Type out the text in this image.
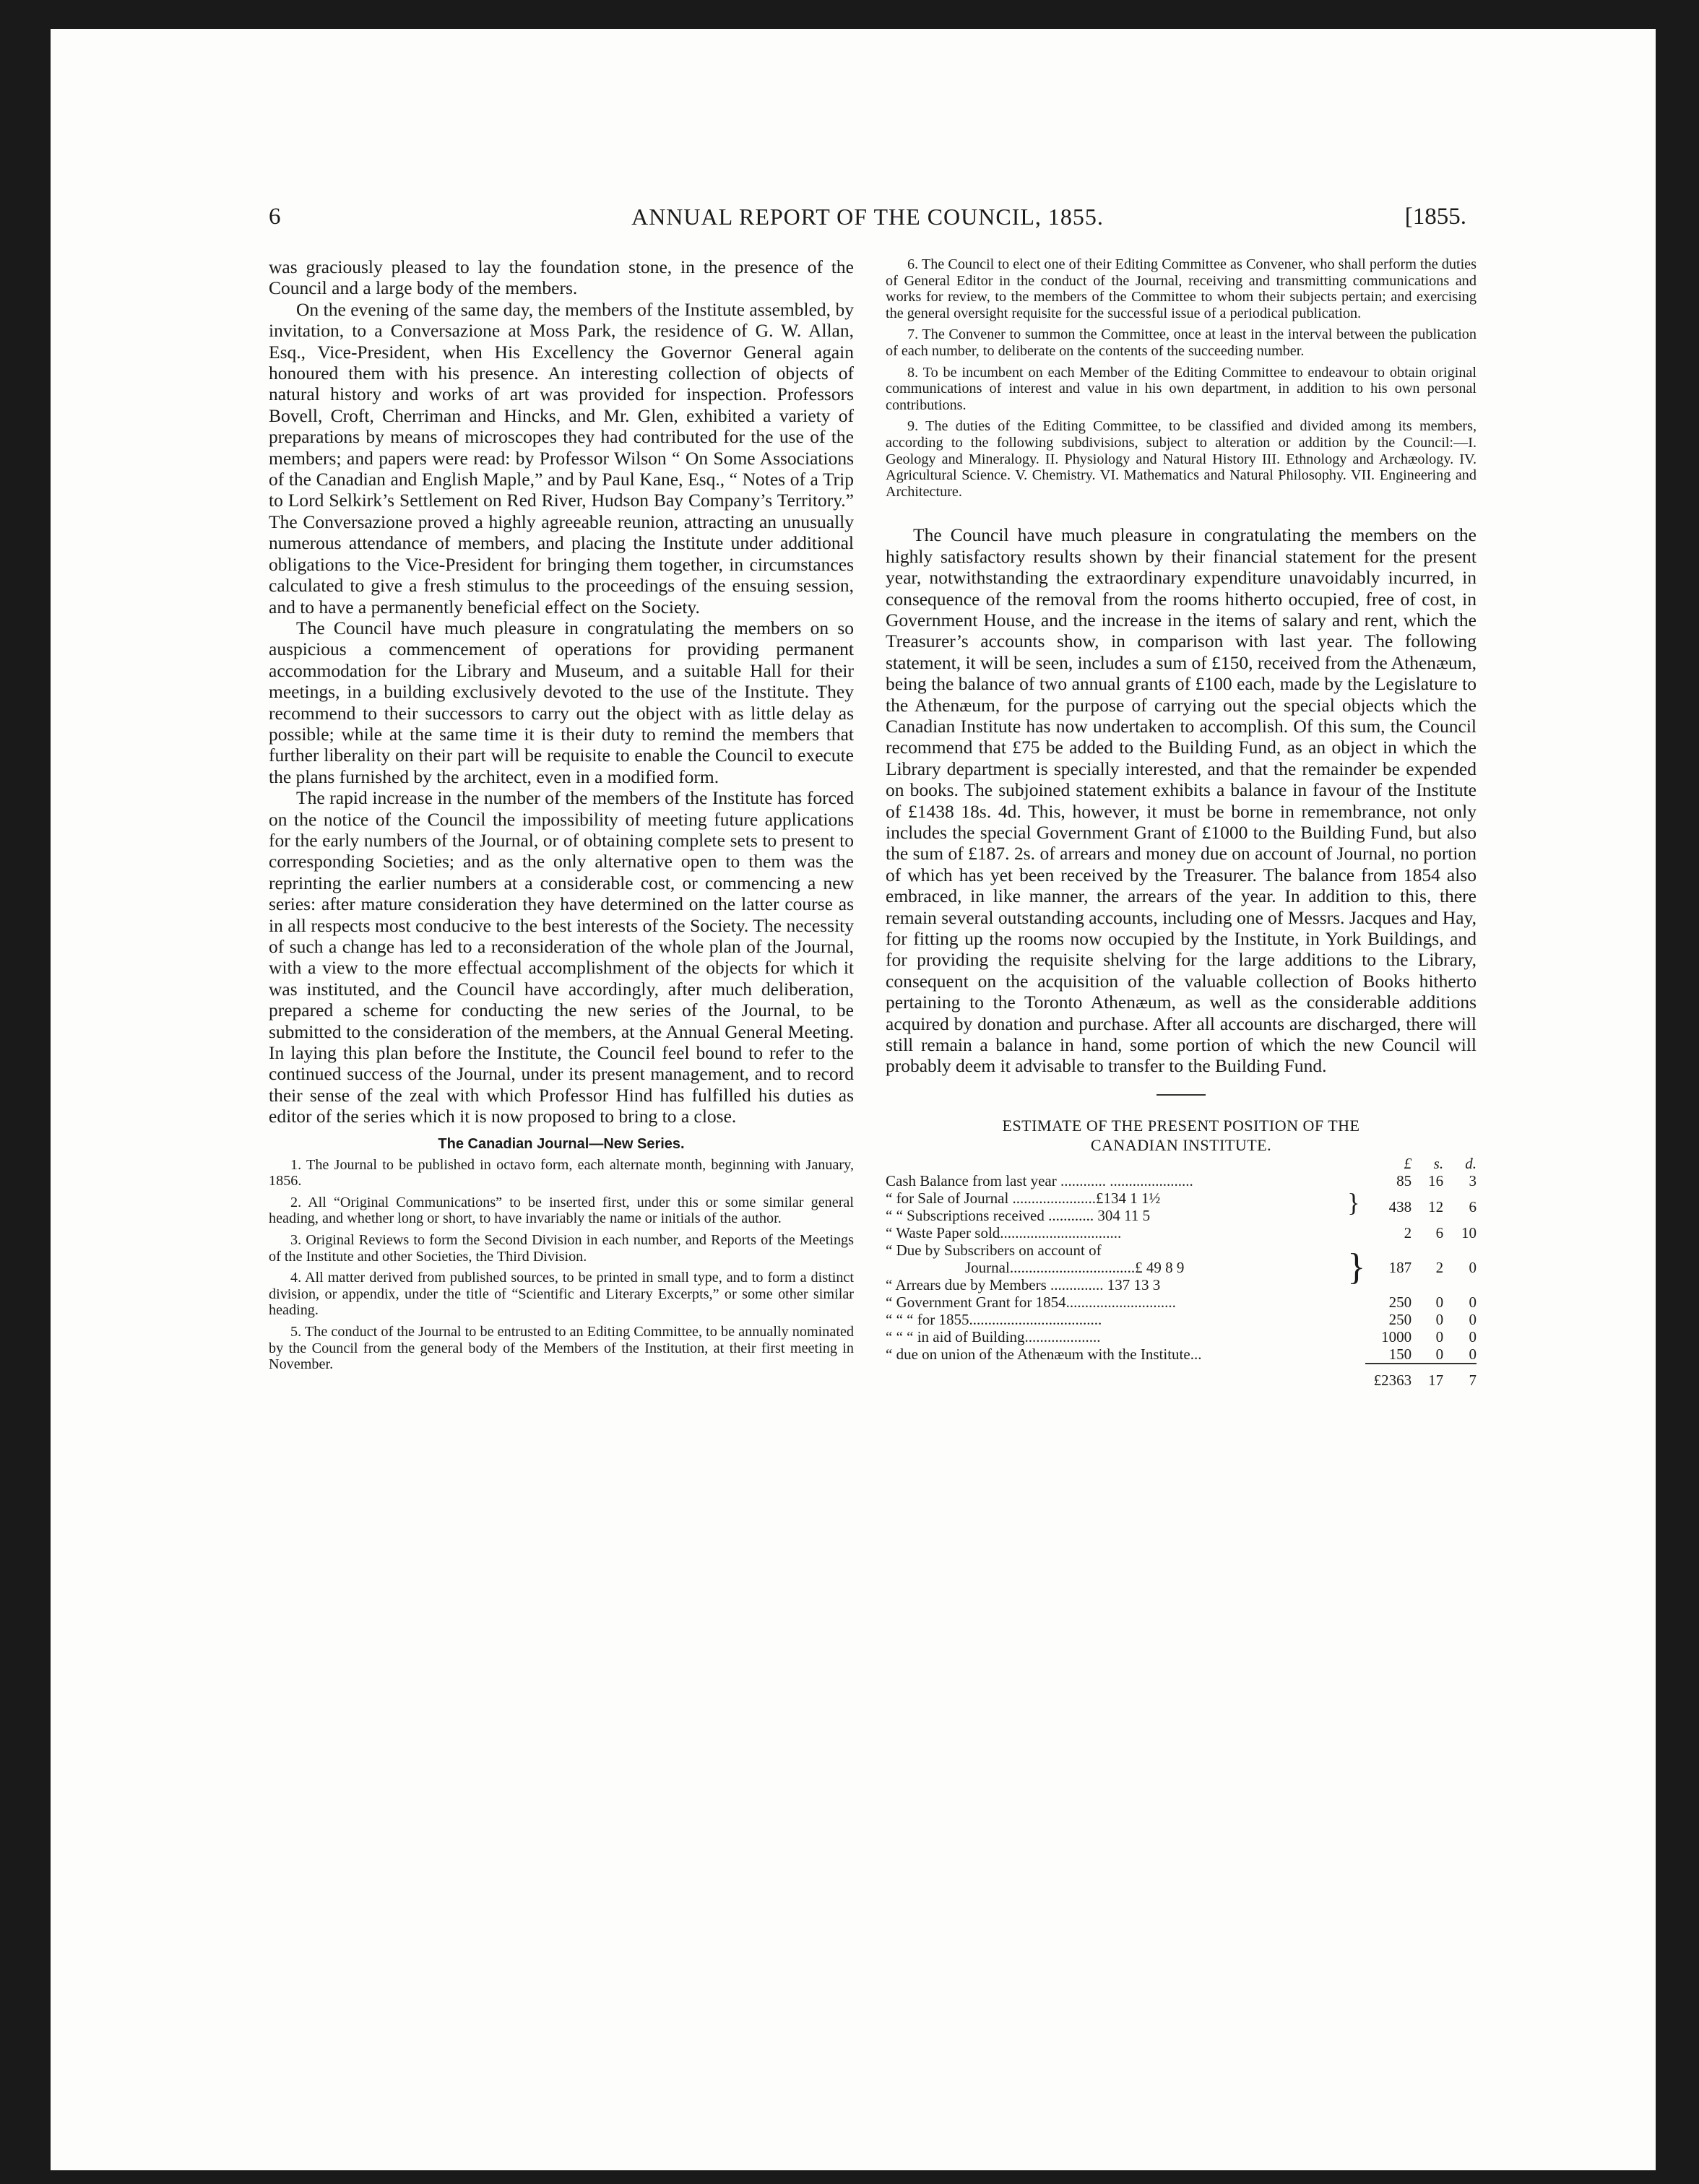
6	ANNUAL REPORT OF THE COUNCIL, 1855.	[1855.

was graciously pleased to lay the foundation stone, in the presence of the Council and a large body of the members.

On the evening of the same day, the members of the Institute assembled, by invitation, to a Conversazione at Moss Park, the residence of G. W. Allan, Esq., Vice-President, when His Excellency the Governor General again honoured them with his presence. An interesting collection of objects of natural history and works of art was provided for inspection. Professors Bovell, Croft, Cherriman and Hincks, and Mr. Glen, exhibited a variety of preparations by means of microscopes they had contributed for the use of the members; and papers were read: by Professor Wilson “ On Some Associations of the Canadian and English Maple,” and by Paul Kane, Esq., “ Notes of a Trip to Lord Selkirk’s Settlement on Red River, Hudson Bay Company’s Territory.” The Conversazione proved a highly agreeable reunion, attracting an unusually numerous attendance of members, and placing the Institute under additional obligations to the Vice-President for bringing them together, in circumstances calculated to give a fresh stimulus to the proceedings of the ensuing session, and to have a permanently beneficial effect on the Society.

The Council have much pleasure in congratulating the members on so auspicious a commencement of operations for providing permanent accommodation for the Library and Museum, and a suitable Hall for their meetings, in a building exclusively devoted to the use of the Institute. They recommend to their successors to carry out the object with as little delay as possible; while at the same time it is their duty to remind the members that further liberality on their part will be requisite to enable the Council to execute the plans furnished by the architect, even in a modified form.

The rapid increase in the number of the members of the Institute has forced on the notice of the Council the impossibility of meeting future applications for the early numbers of the Journal, or of obtaining complete sets to present to corresponding Societies; and as the only alternative open to them was the reprinting the earlier numbers at a considerable cost, or commencing a new series: after mature consideration they have determined on the latter course as in all respects most conducive to the best interests of the Society. The necessity of such a change has led to a reconsideration of the whole plan of the Journal, with a view to the more effectual accomplishment of the objects for which it was instituted, and the Council have accordingly, after much deliberation, prepared a scheme for conducting the new series of the Journal, to be submitted to the consideration of the members, at the Annual General Meeting. In laying this plan before the Institute, the Council feel bound to refer to the continued success of the Journal, under its present management, and to record their sense of the zeal with which Professor Hind has fulfilled his duties as editor of the series which it is now proposed to bring to a close.

The Canadian Journal—New Series.

1. The Journal to be published in octavo form, each alternate month, beginning with January, 1856.

2. All “Original Communications” to be inserted first, under this or some similar general heading, and whether long or short, to have invariably the name or initials of the author.

3. Original Reviews to form the Second Division in each number, and Reports of the Meetings of the Institute and other Societies, the Third Division.

4. All matter derived from published sources, to be printed in small type, and to form a distinct division, or appendix, under the title of “Scientific and Literary Excerpts,” or some other similar heading.

5. The conduct of the Journal to be entrusted to an Editing Committee, to be annually nominated by the Council from the general body of the Members of the Institution, at their first meeting in November.

6. The Council to elect one of their Editing Committee as Convener, who shall perform the duties of General Editor in the conduct of the Journal, receiving and transmitting communications and works for review, to the members of the Committee to whom their subjects pertain; and exercising the general oversight requisite for the successful issue of a periodical publication.

7. The Convener to summon the Committee, once at least in the interval between the publication of each number, to deliberate on the contents of the succeeding number.

8. To be incumbent on each Member of the Editing Committee to endeavour to obtain original communications of interest and value in his own department, in addition to his own personal contributions.

9. The duties of the Editing Committee, to be classified and divided among its members, according to the following subdivisions, subject to alteration or addition by the Council:—I. Geology and Mineralogy. II. Physiology and Natural History III. Ethnology and Archæology. IV. Agricultural Science. V. Chemistry. VI. Mathematics and Natural Philosophy. VII. Engineering and Architecture.

The Council have much pleasure in congratulating the members on the highly satisfactory results shown by their financial statement for the present year, notwithstanding the extraordinary expenditure unavoidably incurred, in consequence of the removal from the rooms hitherto occupied, free of cost, in Government House, and the increase in the items of salary and rent, which the Treasurer’s accounts show, in comparison with last year. The following statement, it will be seen, includes a sum of £150, received from the Athenæum, being the balance of two annual grants of £100 each, made by the Legislature to the Athenæum, for the purpose of carrying out the special objects which the Canadian Institute has now undertaken to accomplish. Of this sum, the Council recommend that £75 be added to the Building Fund, as an object in which the Library department is specially interested, and that the remainder be expended on books. The subjoined statement exhibits a balance in favour of the Institute of £1438 18s. 4d. This, however, it must be borne in remembrance, not only includes the special Government Grant of £1000 to the Building Fund, but also the sum of £187. 2s. of arrears and money due on account of Journal, no portion of which has yet been received by the Treasurer. The balance from 1854 also embraced, in like manner, the arrears of the year. In addition to this, there remain several outstanding accounts, including one of Messrs. Jacques and Hay, for fitting up the rooms now occupied by the Institute, in York Buildings, and for providing the requisite shelving for the large additions to the Library, consequent on the acquisition of the valuable collection of Books hitherto pertaining to the Toronto Athenæum, as well as the considerable additions acquired by donation and purchase. After all accounts are discharged, there will still remain a balance in hand, some portion of which the new Council will probably deem it advisable to transfer to the Building Fund.

ESTIMATE OF THE PRESENT POSITION OF THE
CANADIAN INSTITUTE.
		£	s.	d.
Cash Balance from last year ............ ......................		85	16	3
“ for Sale of Journal ......................£134 1 1½	}	438	12	6
“ “ Subscriptions received ............ 304 11 5				
“ Waste Paper sold................................		2	6	10
“ Due by Subscribers on account of	}	187	2	0
Journal.................................£ 49 8 9				
“ Arrears due by Members .............. 137 13 3				
“ Government Grant for 1854.............................		250	0	0
“ “ “ for 1855...................................		250	0	0
“ “ “ in aid of Building....................		1000	0	0
“ due on union of the Athenæum with the Institute...		150	0	0
		£2363	17	7
